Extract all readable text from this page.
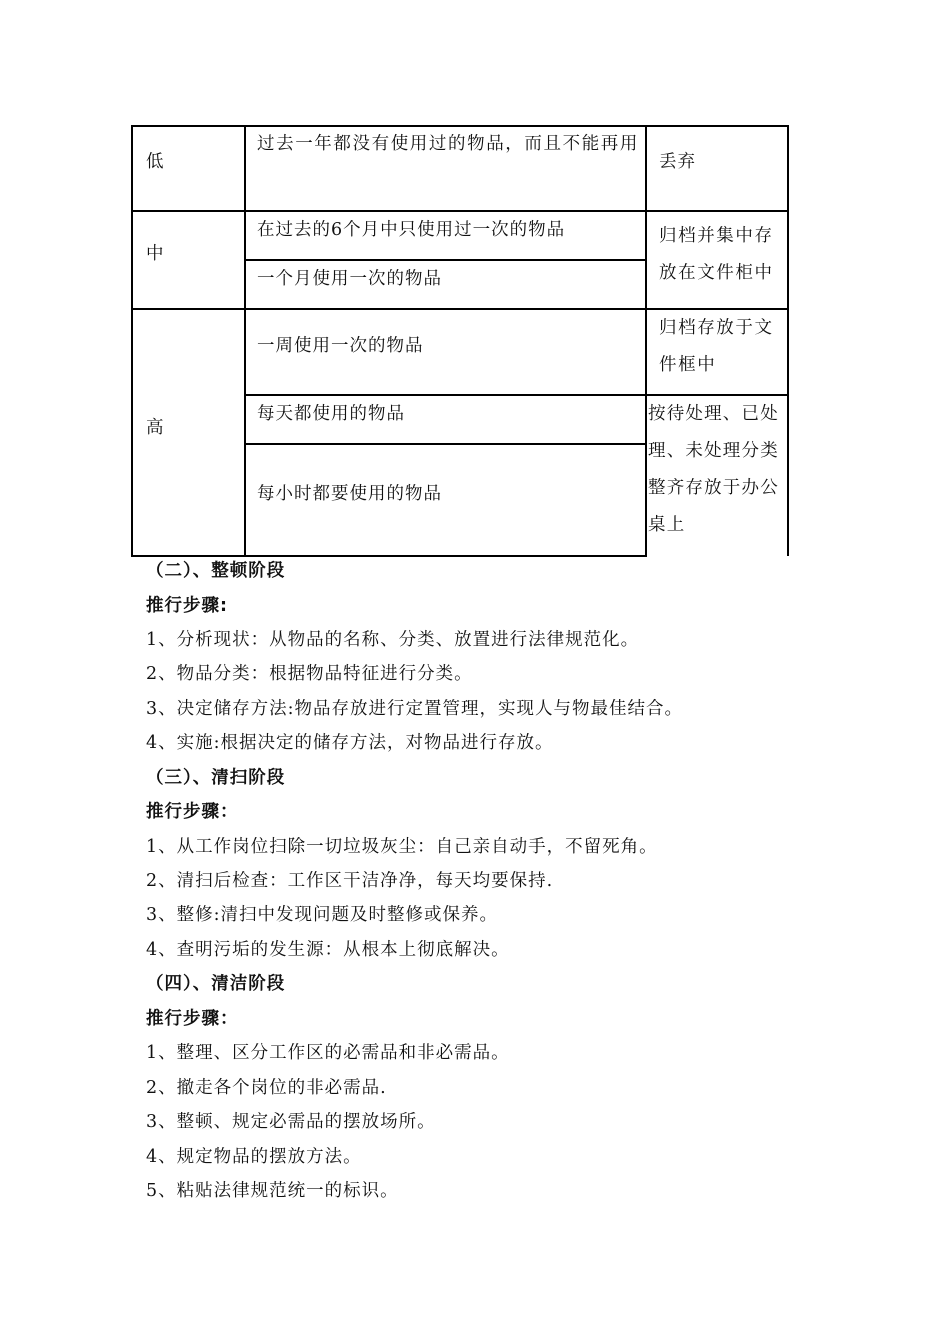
低
过去一年都没有使用过的物品，而且不能再用
丢弃
中
在过去的6个月中只使用过一次的物品
一个月使用一次的物品
归档并集中存放在文件柜中
高
一周使用一次的物品
每天都使用的物品
每小时都要使用的物品
归档存放于文件框中
按待处理、已处理、未处理分类整齐存放于办公桌上
（二）、整顿阶段
推行步骤:
1、分析现状：从物品的名称、分类、放置进行法律规范化。
2、物品分类：根据物品特征进行分类。
3、决定储存方法:物品存放进行定置管理，实现人与物最佳结合。
4、实施:根据决定的储存方法，对物品进行存放。
（三）、清扫阶段
推行步骤：
1、从工作岗位扫除一切垃圾灰尘：自己亲自动手，不留死角。
2、清扫后检查：工作区干洁净净，每天均要保持.
3、整修:清扫中发现问题及时整修或保养。
4、查明污垢的发生源：从根本上彻底解决。
（四）、清洁阶段
推行步骤：
1、整理、区分工作区的必需品和非必需品。
2、撤走各个岗位的非必需品.
3、整顿、规定必需品的摆放场所。
4、规定物品的摆放方法。
5、粘贴法律规范统一的标识。
